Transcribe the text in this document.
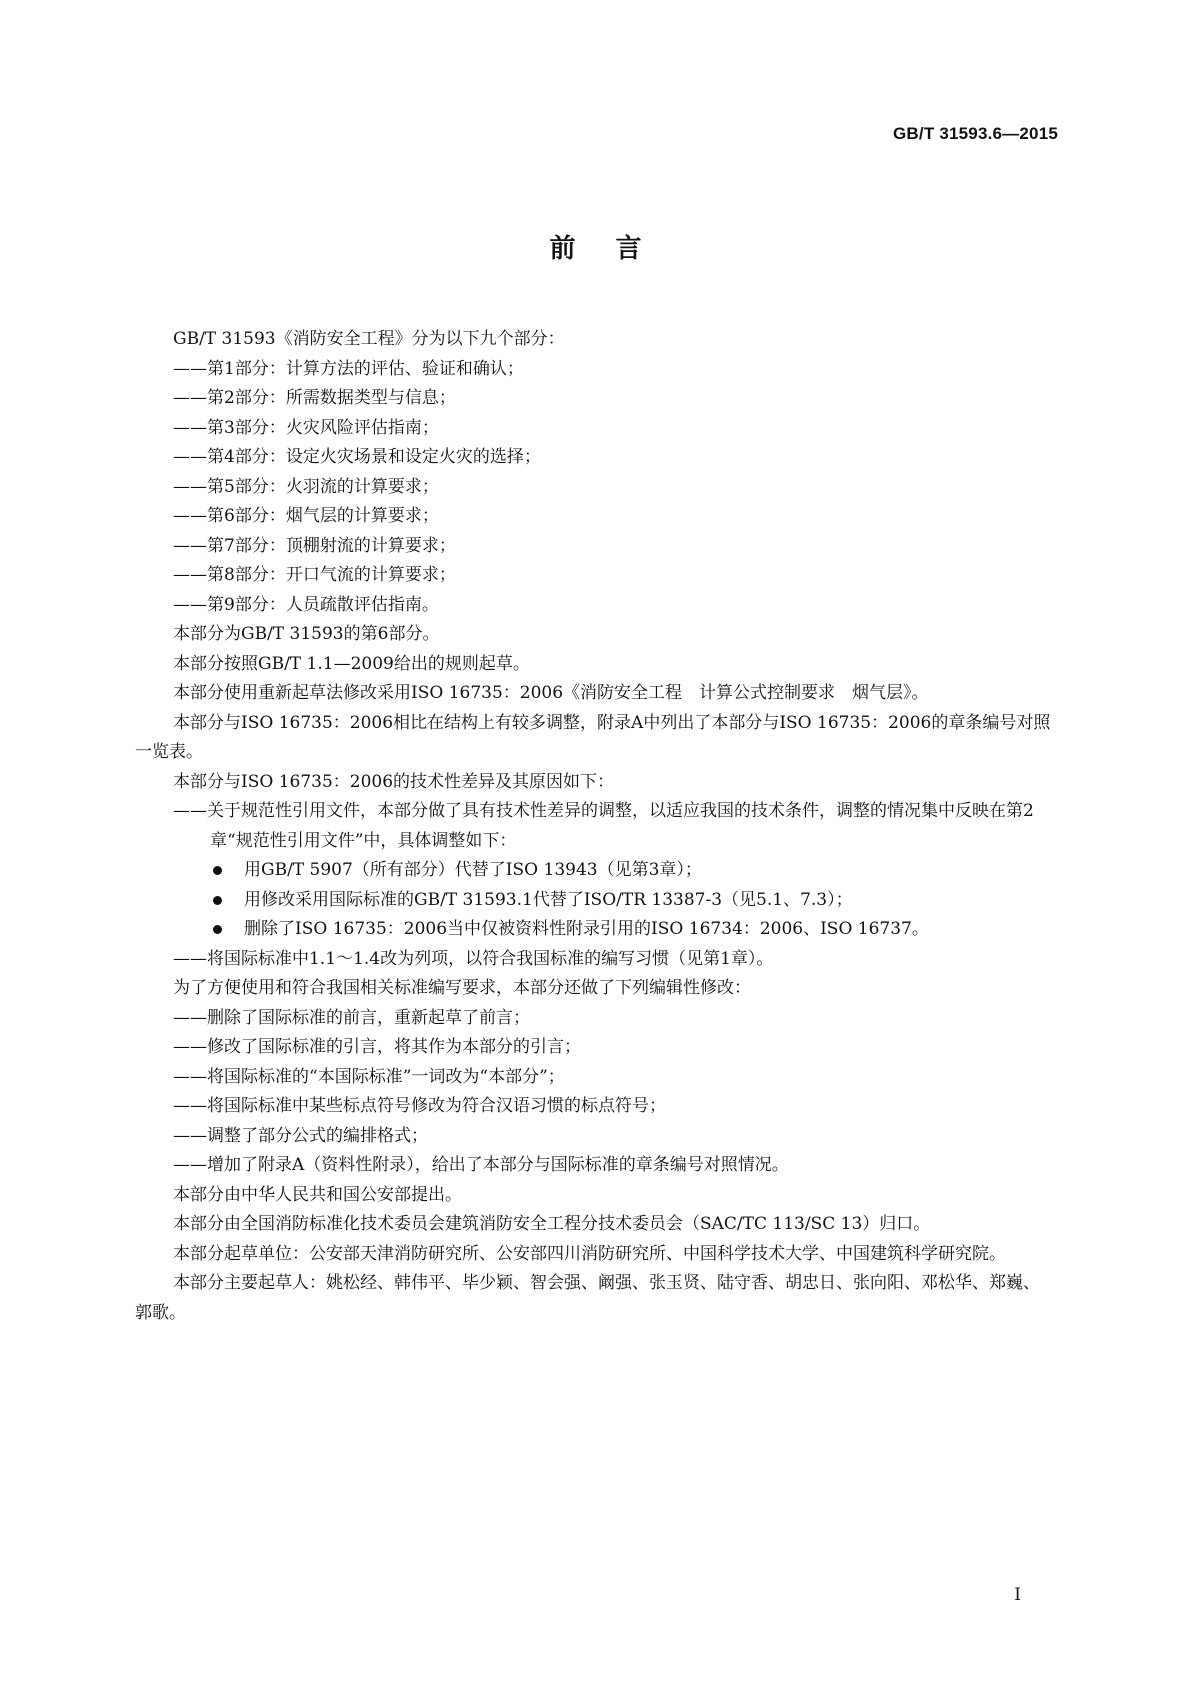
GB/T 31593.6—2015
前言

GB/T 31593《消防安全工程》分为以下九个部分：

——第1部分：计算方法的评估、验证和确认；

——第2部分：所需数据类型与信息；

——第3部分：火灾风险评估指南；

——第4部分：设定火灾场景和设定火灾的选择；

——第5部分：火羽流的计算要求；

——第6部分：烟气层的计算要求；

——第7部分：顶棚射流的计算要求；

——第8部分：开口气流的计算要求；

——第9部分：人员疏散评估指南。

本部分为GB/T 31593的第6部分。

本部分按照GB/T 1.1—2009给出的规则起草。

本部分使用重新起草法修改采用ISO 16735：2006《消防安全工程　计算公式控制要求　烟气层》。

本部分与ISO 16735：2006相比在结构上有较多调整，附录A中列出了本部分与ISO 16735：2006的章条编号对照一览表。

本部分与ISO 16735：2006的技术性差异及其原因如下：

——关于规范性引用文件，本部分做了具有技术性差异的调整，以适应我国的技术条件，调整的情况集中反映在第2章“规范性引用文件”中，具体调整如下：

用GB/T 5907（所有部分）代替了ISO 13943（见第3章）；
用修改采用国际标准的GB/T 31593.1代替了ISO/TR 13387-3（见5.1、7.3）；
删除了ISO 16735：2006当中仅被资料性附录引用的ISO 16734：2006、ISO 16737。

——将国际标准中1.1～1.4改为列项，以符合我国标准的编写习惯（见第1章）。

为了方便使用和符合我国相关标准编写要求，本部分还做了下列编辑性修改：

——删除了国际标准的前言，重新起草了前言；

——修改了国际标准的引言，将其作为本部分的引言；

——将国际标准的“本国际标准”一词改为“本部分”；

——将国际标准中某些标点符号修改为符合汉语习惯的标点符号；

——调整了部分公式的编排格式；

——增加了附录A（资料性附录），给出了本部分与国际标准的章条编号对照情况。

本部分由中华人民共和国公安部提出。

本部分由全国消防标准化技术委员会建筑消防安全工程分技术委员会（SAC/TC 113/SC 13）归口。

本部分起草单位：公安部天津消防研究所、公安部四川消防研究所、中国科学技术大学、中国建筑科学研究院。

本部分主要起草人：姚松经、韩伟平、毕少颖、智会强、阚强、张玉贤、陆守香、胡忠日、张向阳、邓松华、郑巍、郭歌。

I
